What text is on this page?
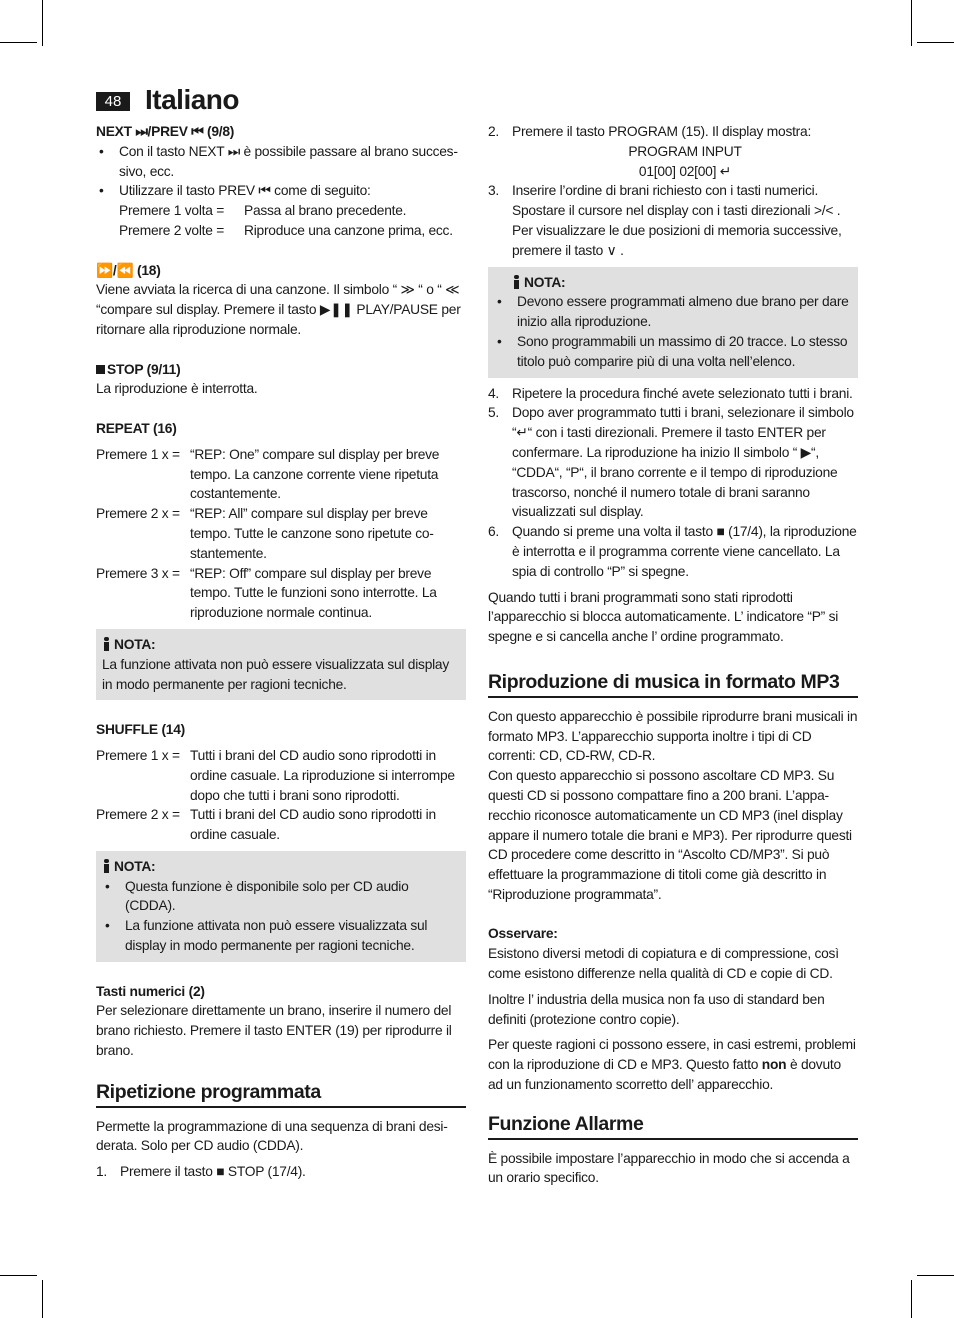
48 Italiano

NEXT ⏭/PREV ⏮ (9/8)

• Con il tasto NEXT ⏭ è possibile passare al brano successivo, ecc.
• Utilizzare il tasto PREV ⏮ come di seguito:
Premere 1 volta =	Passa al brano precedente.
Premere 2 volte =	Riproduce una canzone prima, ecc.

⏩/⏪ (18)

Viene avviata la ricerca di una canzone. Il simbolo “ ≫ “ o “ ≪ “compare sul display. Premere il tasto ▶❚❚ PLAY/PAUSE per ritornare alla riproduzione normale.

STOP (9/11)

La riproduzione è interrotta.

REPEAT (16)

Premere 1 x = “REP: One” compare sul display per breve tempo. La canzone corrente viene ripetuta costantemente.
Premere 2 x = “REP: All” compare sul display per breve tempo. Tutte le canzone sono ripetute costantemente.
Premere 3 x = “REP: Off” compare sul display per breve tempo. Tutte le funzioni sono interrotte. La riproduzione normale continua.
NOTA:

La funzione attivata non può essere visualizzata sul display in modo permanente per ragioni tecniche.

SHUFFLE (14)

Premere 1 x = Tutti i brani del CD audio sono riprodotti in ordine casuale. La riproduzione si interrompe dopo che tutti i brani sono riprodotti.
Premere 2 x = Tutti i brani del CD audio sono riprodotti in ordine casuale.
NOTA:
• Questa funzione è disponibile solo per CD audio (CDDA).
• La funzione attivata non può essere visualizzata sul display in modo permanente per ragioni tecniche.

Tasti numerici (2)

Per selezionare direttamente un brano, inserire il numero del brano richiesto. Premere il tasto ENTER (19) per riprodurre il brano.

Ripetizione programmata

Permette la programmazione di una sequenza di brani desiderata. Solo per CD audio (CDDA).

1. Premere il tasto ■ STOP (17/4).
2. Premere il tasto PROGRAM (15). Il display mostra:
PROGRAM INPUT
01[00] 02[00] ↵
3. Inserire l’ordine di brani richiesto con i tasti numerici. Spostare il cursore nel display con i tasti direzionali >/< . Per visualizzare le due posizioni di memoria successive, premere il tasto ∨ .
NOTA:
• Devono essere programmati almeno due brano per dare inizio alla riproduzione.
• Sono programmabili un massimo di 20 tracce. Lo stesso titolo può comparire più di una volta nell’elenco.
4. Ripetere la procedura finché avete selezionato tutti i brani.
5. Dopo aver programmato tutti i brani, selezionare il simbolo “↵“ con i tasti direzionali. Premere il tasto ENTER per confermare. La riproduzione ha inizio Il simbolo “ ▶“, “CDDA“, “P“, il brano corrente e il tempo di riproduzione trascorso, nonché il numero totale di brani saranno visualizzati sul display.
6. Quando si preme una volta il tasto ■ (17/4), la riproduzione è interrotta e il programma corrente viene cancellato. La spia di controllo “P” si spegne.

Quando tutti i brani programmati sono stati riprodotti l’apparecchio si blocca automaticamente. L’ indicatore “P” si spegne e si cancella anche l’ ordine programmato.

Riproduzione di musica in formato MP3

Con questo apparecchio è possibile riprodurre brani musicali in formato MP3. L’apparecchio supporta inoltre i tipi di CD correnti: CD, CD-RW, CD-R.

Con questo apparecchio si possono ascoltare CD MP3. Su questi CD si possono compattare fino a 200 brani. L’apparecchio riconosce automaticamente un CD MP3 (inel display appare il numero totale die brani e MP3). Per riprodurre questi CD procedere come descritto in “Ascolto CD/MP3”. Si può effettuare la programmazione di titoli come già descritto in “Riproduzione programmata”.

Osservare:

Esistono diversi metodi di copiatura e di compressione, così come esistono differenze nella qualità di CD e copie di CD.

Inoltre l’ industria della musica non fa uso di standard ben definiti (protezione contro copie).

Per queste ragioni ci possono essere, in casi estremi, problemi con la riproduzione di CD e MP3. Questo fatto non è dovuto ad un funzionamento scorretto dell’ apparecchio.

Funzione Allarme

È possibile impostare l’apparecchio in modo che si accenda a un orario specifico.
